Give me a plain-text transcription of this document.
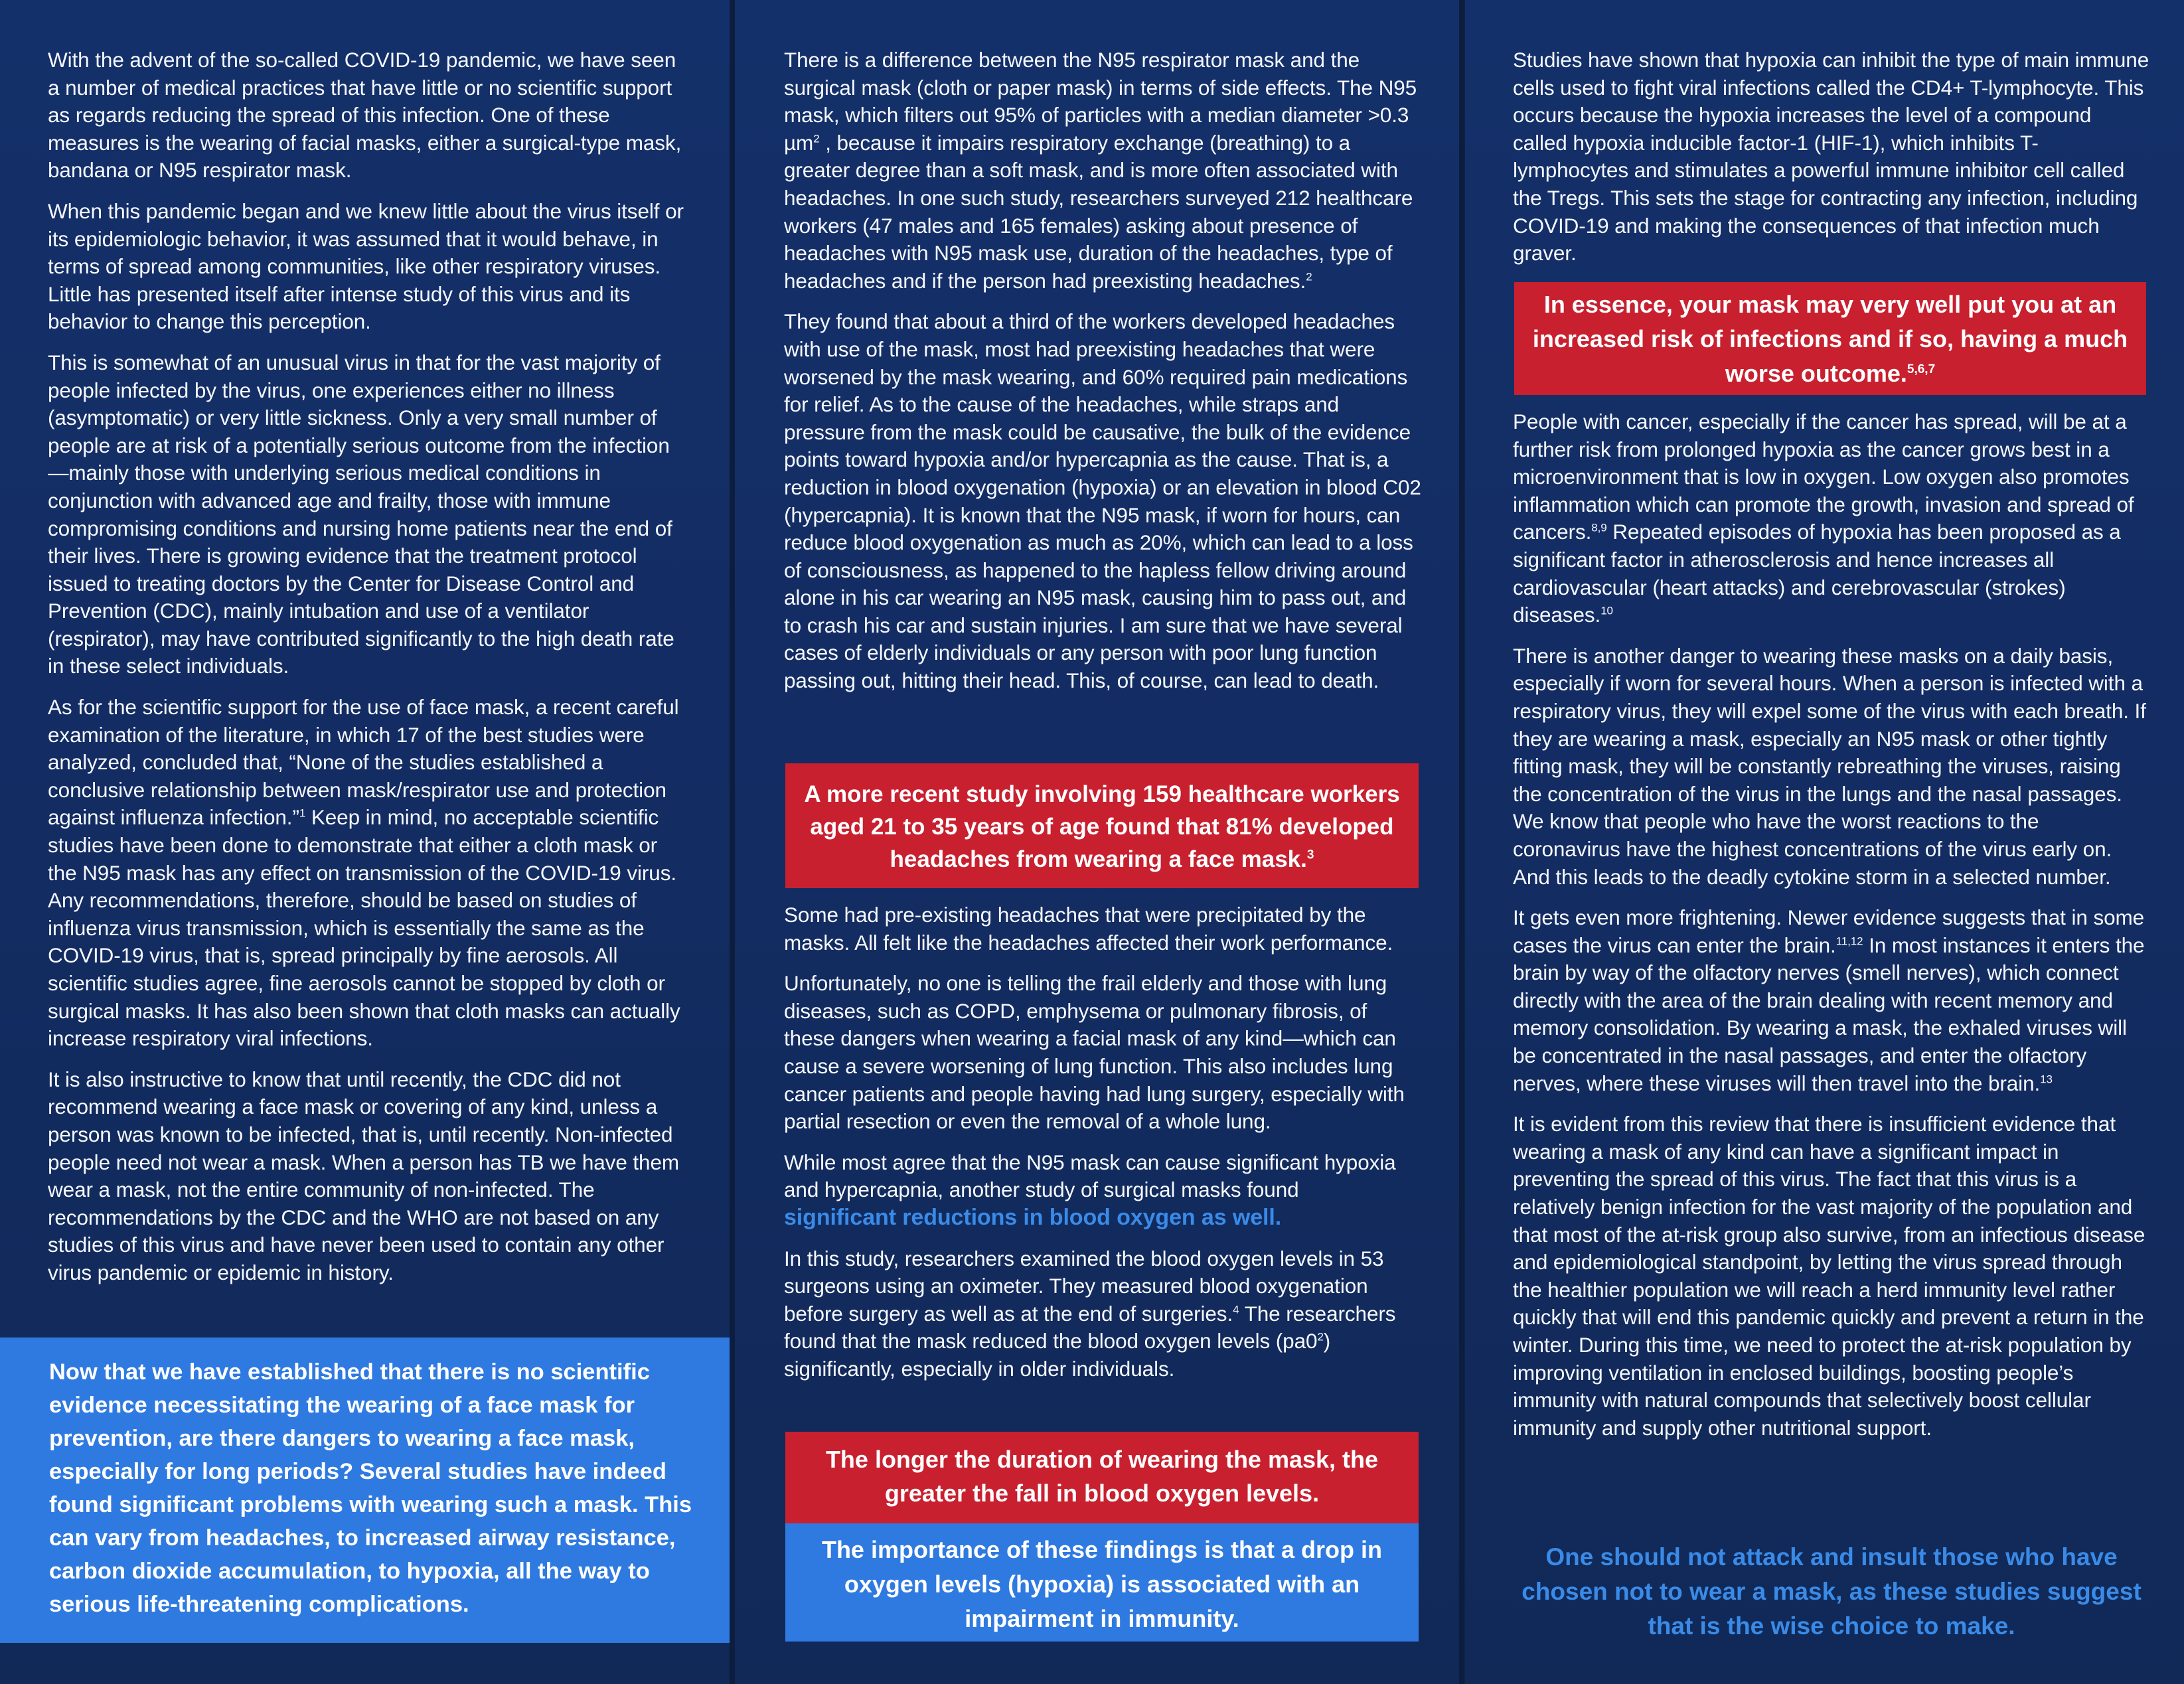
With the advent of the so-called COVID-19 pandemic, we have seen a number of medical practices that have little or no scientific support as regards reducing the spread of this infection. One of these measures is the wearing of facial masks, either a surgical-type mask, bandana or N95 respirator mask.

When this pandemic began and we knew little about the virus itself or its epidemiologic behavior, it was assumed that it would behave, in terms of spread among communities, like other respiratory viruses. Little has presented itself after intense study of this virus and its behavior to change this perception.

This is somewhat of an unusual virus in that for the vast majority of people infected by the virus, one experiences either no illness (asymptomatic) or very little sickness. Only a very small number of people are at risk of a potentially serious outcome from the infection—mainly those with underlying serious medical conditions in conjunction with advanced age and frailty, those with immune compromising conditions and nursing home patients near the end of their lives. There is growing evidence that the treatment protocol issued to treating doctors by the Center for Disease Control and Prevention (CDC), mainly intubation and use of a ventilator (respirator), may have contributed significantly to the high death rate in these select individuals.

As for the scientific support for the use of face mask, a recent careful examination of the literature, in which 17 of the best studies were analyzed, concluded that, “None of the studies established a conclusive relationship between mask/respirator use and protection against influenza infection.”$^1$ Keep in mind, no acceptable scientific studies have been done to demonstrate that either a cloth mask or the N95 mask has any effect on transmission of the COVID-19 virus. Any recommendations, therefore, should be based on studies of influenza virus transmission, which is essentially the same as the COVID-19 virus, that is, spread principally by fine aerosols. All scientific studies agree, fine aerosols cannot be stopped by cloth or surgical masks. It has also been shown that cloth masks can actually increase respiratory viral infections.

It is also instructive to know that until recently, the CDC did not recommend wearing a face mask or covering of any kind, unless a person was known to be infected, that is, until recently. Non-infected people need not wear a mask. When a person has TB we have them wear a mask, not the entire community of non-infected. The recommendations by the CDC and the WHO are not based on any studies of this virus and have never been used to contain any other virus pandemic or epidemic in history.

Now that we have established that there is no scientific evidence necessitating the wearing of a face mask for prevention, are there dangers to wearing a face mask, especially for long periods? Several studies have indeed found significant problems with wearing such a mask. This can vary from headaches, to increased airway resistance, carbon dioxide accumulation, to hypoxia, all the way to serious life-threatening complications.

There is a difference between the N95 respirator mask and the surgical mask (cloth or paper mask) in terms of side effects. The N95 mask, which filters out 95% of particles with a median diameter >0.3 µm$^2$ , because it impairs respiratory exchange (breathing) to a greater degree than a soft mask, and is more often associated with headaches. In one such study, researchers surveyed 212 healthcare workers (47 males and 165 females) asking about presence of headaches with N95 mask use, duration of the headaches, type of headaches and if the person had preexisting headaches.$^2$

They found that about a third of the workers developed headaches with use of the mask, most had preexisting headaches that were worsened by the mask wearing, and 60% required pain medications for relief. As to the cause of the headaches, while straps and pressure from the mask could be causative, the bulk of the evidence points toward hypoxia and/or hypercapnia as the cause. That is, a reduction in blood oxygenation (hypoxia) or an elevation in blood C02 (hypercapnia). It is known that the N95 mask, if worn for hours, can reduce blood oxygenation as much as 20%, which can lead to a loss of consciousness, as happened to the hapless fellow driving around alone in his car wearing an N95 mask, causing him to pass out, and to crash his car and sustain injuries. I am sure that we have several cases of elderly individuals or any person with poor lung function passing out, hitting their head. This, of course, can lead to death.

A more recent study involving 159 healthcare workers aged 21 to 35 years of age found that 81% developed headaches from wearing a face mask.$^3$

Some had pre-existing headaches that were precipitated by the masks. All felt like the headaches affected their work performance.

Unfortunately, no one is telling the frail elderly and those with lung diseases, such as COPD, emphysema or pulmonary fibrosis, of these dangers when wearing a facial mask of any kind—which can cause a severe worsening of lung function. This also includes lung cancer patients and people having had lung surgery, especially with partial resection or even the removal of a whole lung.

While most agree that the N95 mask can cause significant hypoxia and hypercapnia, another study of surgical masks found
significant reductions in blood oxygen as well.

In this study, researchers examined the blood oxygen levels in 53 surgeons using an oximeter. They measured blood oxygenation before surgery as well as at the end of surgeries.$^4$ The researchers found that the mask reduced the blood oxygen levels $(pa0^2)$ significantly, especially in older individuals.

The longer the duration of wearing the mask, the greater the fall in blood oxygen levels.
The importance of these findings is that a drop in oxygen levels (hypoxia) is associated with an impairment in immunity.

Studies have shown that hypoxia can inhibit the type of main immune cells used to fight viral infections called the CD4+ T-lymphocyte. This occurs because the hypoxia increases the level of a compound called hypoxia inducible factor-1 (HIF-1), which inhibits T-lymphocytes and stimulates a powerful immune inhibitor cell called the Tregs. This sets the stage for contracting any infection, including COVID-19 and making the consequences of that infection much graver.

In essence, your mask may very well put you at an increased risk of infections and if so, having a much worse outcome.$^{5,6,7}$

People with cancer, especially if the cancer has spread, will be at a further risk from prolonged hypoxia as the cancer grows best in a microenvironment that is low in oxygen. Low oxygen also promotes inflammation which can promote the growth, invasion and spread of cancers.$^{8,9}$ Repeated episodes of hypoxia has been proposed as a significant factor in atherosclerosis and hence increases all cardiovascular (heart attacks) and cerebrovascular (strokes) diseases.$^{10}$

There is another danger to wearing these masks on a daily basis, especially if worn for several hours. When a person is infected with a respiratory virus, they will expel some of the virus with each breath. If they are wearing a mask, especially an N95 mask or other tightly fitting mask, they will be constantly rebreathing the viruses, raising the concentration of the virus in the lungs and the nasal passages. We know that people who have the worst reactions to the coronavirus have the highest concentrations of the virus early on. And this leads to the deadly cytokine storm in a selected number.

It gets even more frightening. Newer evidence suggests that in some cases the virus can enter the brain.$^{11,12}$ In most instances it enters the brain by way of the olfactory nerves (smell nerves), which connect directly with the area of the brain dealing with recent memory and memory consolidation. By wearing a mask, the exhaled viruses will be concentrated in the nasal passages, and enter the olfactory nerves, where these viruses will then travel into the brain.$^{13}$

It is evident from this review that there is insufficient evidence that wearing a mask of any kind can have a significant impact in preventing the spread of this virus. The fact that this virus is a relatively benign infection for the vast majority of the population and that most of the at-risk group also survive, from an infectious disease and epidemiological standpoint, by letting the virus spread through the healthier population we will reach a herd immunity level rather quickly that will end this pandemic quickly and prevent a return in the winter. During this time, we need to protect the at-risk population by improving ventilation in enclosed buildings, boosting people’s immunity with natural compounds that selectively boost cellular immunity and supply other nutritional support.

One should not attack and insult those who have chosen not to wear a mask, as these studies suggest that is the wise choice to make.
